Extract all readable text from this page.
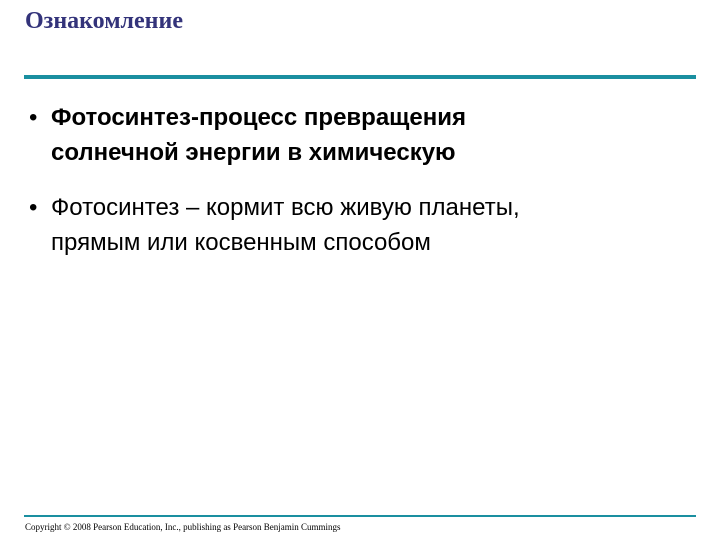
Ознакомление
• Фотосинтез-процесс превращения
солнечной энергии в химическую
• Фотосинтез – кормит всю живую планеты,
прямым или косвенным способом
Copyright © 2008 Pearson Education, Inc., publishing as Pearson Benjamin Cummings
